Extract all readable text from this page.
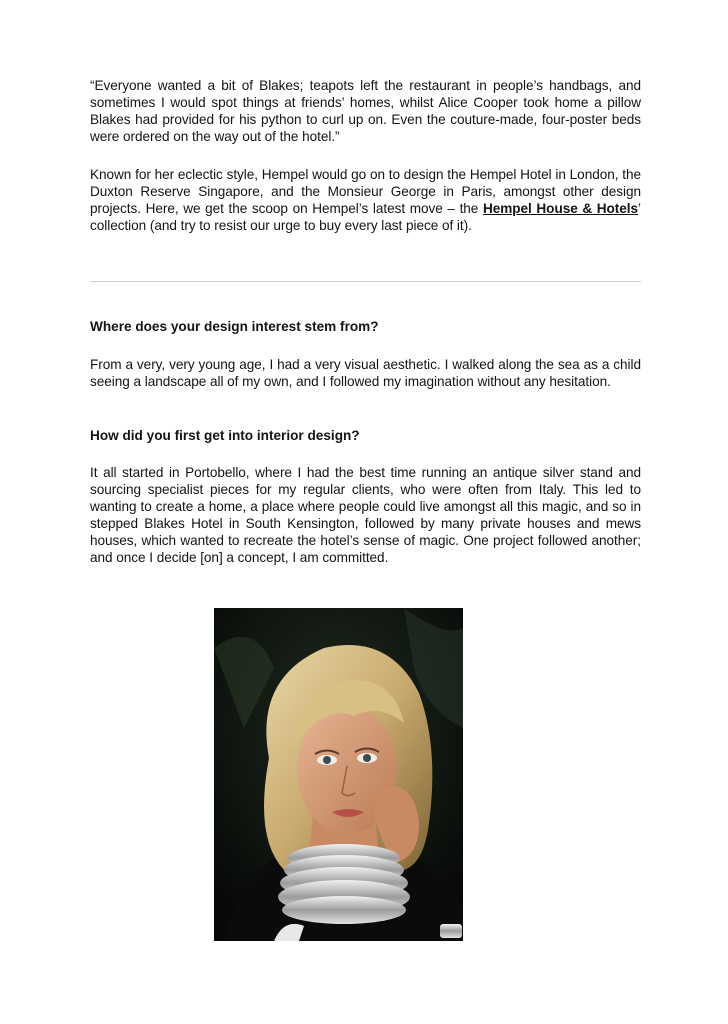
“Everyone wanted a bit of Blakes; teapots left the restaurant in people’s handbags, and sometimes I would spot things at friends’ homes, whilst Alice Cooper took home a pillow Blakes had provided for his python to curl up on. Even the couture-made, four-poster beds were ordered on the way out of the hotel.”

Known for her eclectic style, Hempel would go on to design the Hempel Hotel in London, the Duxton Reserve Singapore, and the Monsieur George in Paris, amongst other design projects. Here, we get the scoop on Hempel’s latest move – the Hempel House & Hotels’ collection (and try to resist our urge to buy every last piece of it).

Where does your design interest stem from?

From a very, very young age, I had a very visual aesthetic. I walked along the sea as a child seeing a landscape all of my own, and I followed my imagination without any hesitation.

How did you first get into interior design?

It all started in Portobello, where I had the best time running an antique silver stand and sourcing specialist pieces for my regular clients, who were often from Italy. This led to wanting to create a home, a place where people could live amongst all this magic, and so in stepped Blakes Hotel in South Kensington, followed by many private houses and mews houses, which wanted to recreate the hotel’s sense of magic. One project followed another; and once I decide [on] a concept, I am committed.
